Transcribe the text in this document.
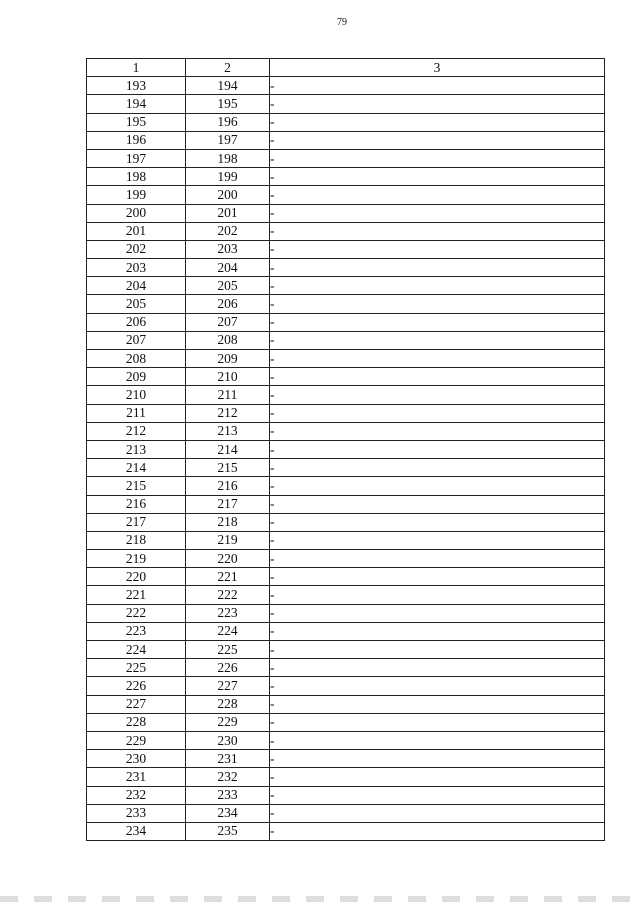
79
1	2	3
193	194	-
194	195	-
195	196	-
196	197	-
197	198	-
198	199	-
199	200	-
200	201	-
201	202	-
202	203	-
203	204	-
204	205	-
205	206	-
206	207	-
207	208	-
208	209	-
209	210	-
210	211	-
211	212	-
212	213	-
213	214	-
214	215	-
215	216	-
216	217	-
217	218	-
218	219	-
219	220	-
220	221	-
221	222	-
222	223	-
223	224	-
224	225	-
225	226	-
226	227	-
227	228	-
228	229	-
229	230	-
230	231	-
231	232	-
232	233	-
233	234	-
234	235	-
